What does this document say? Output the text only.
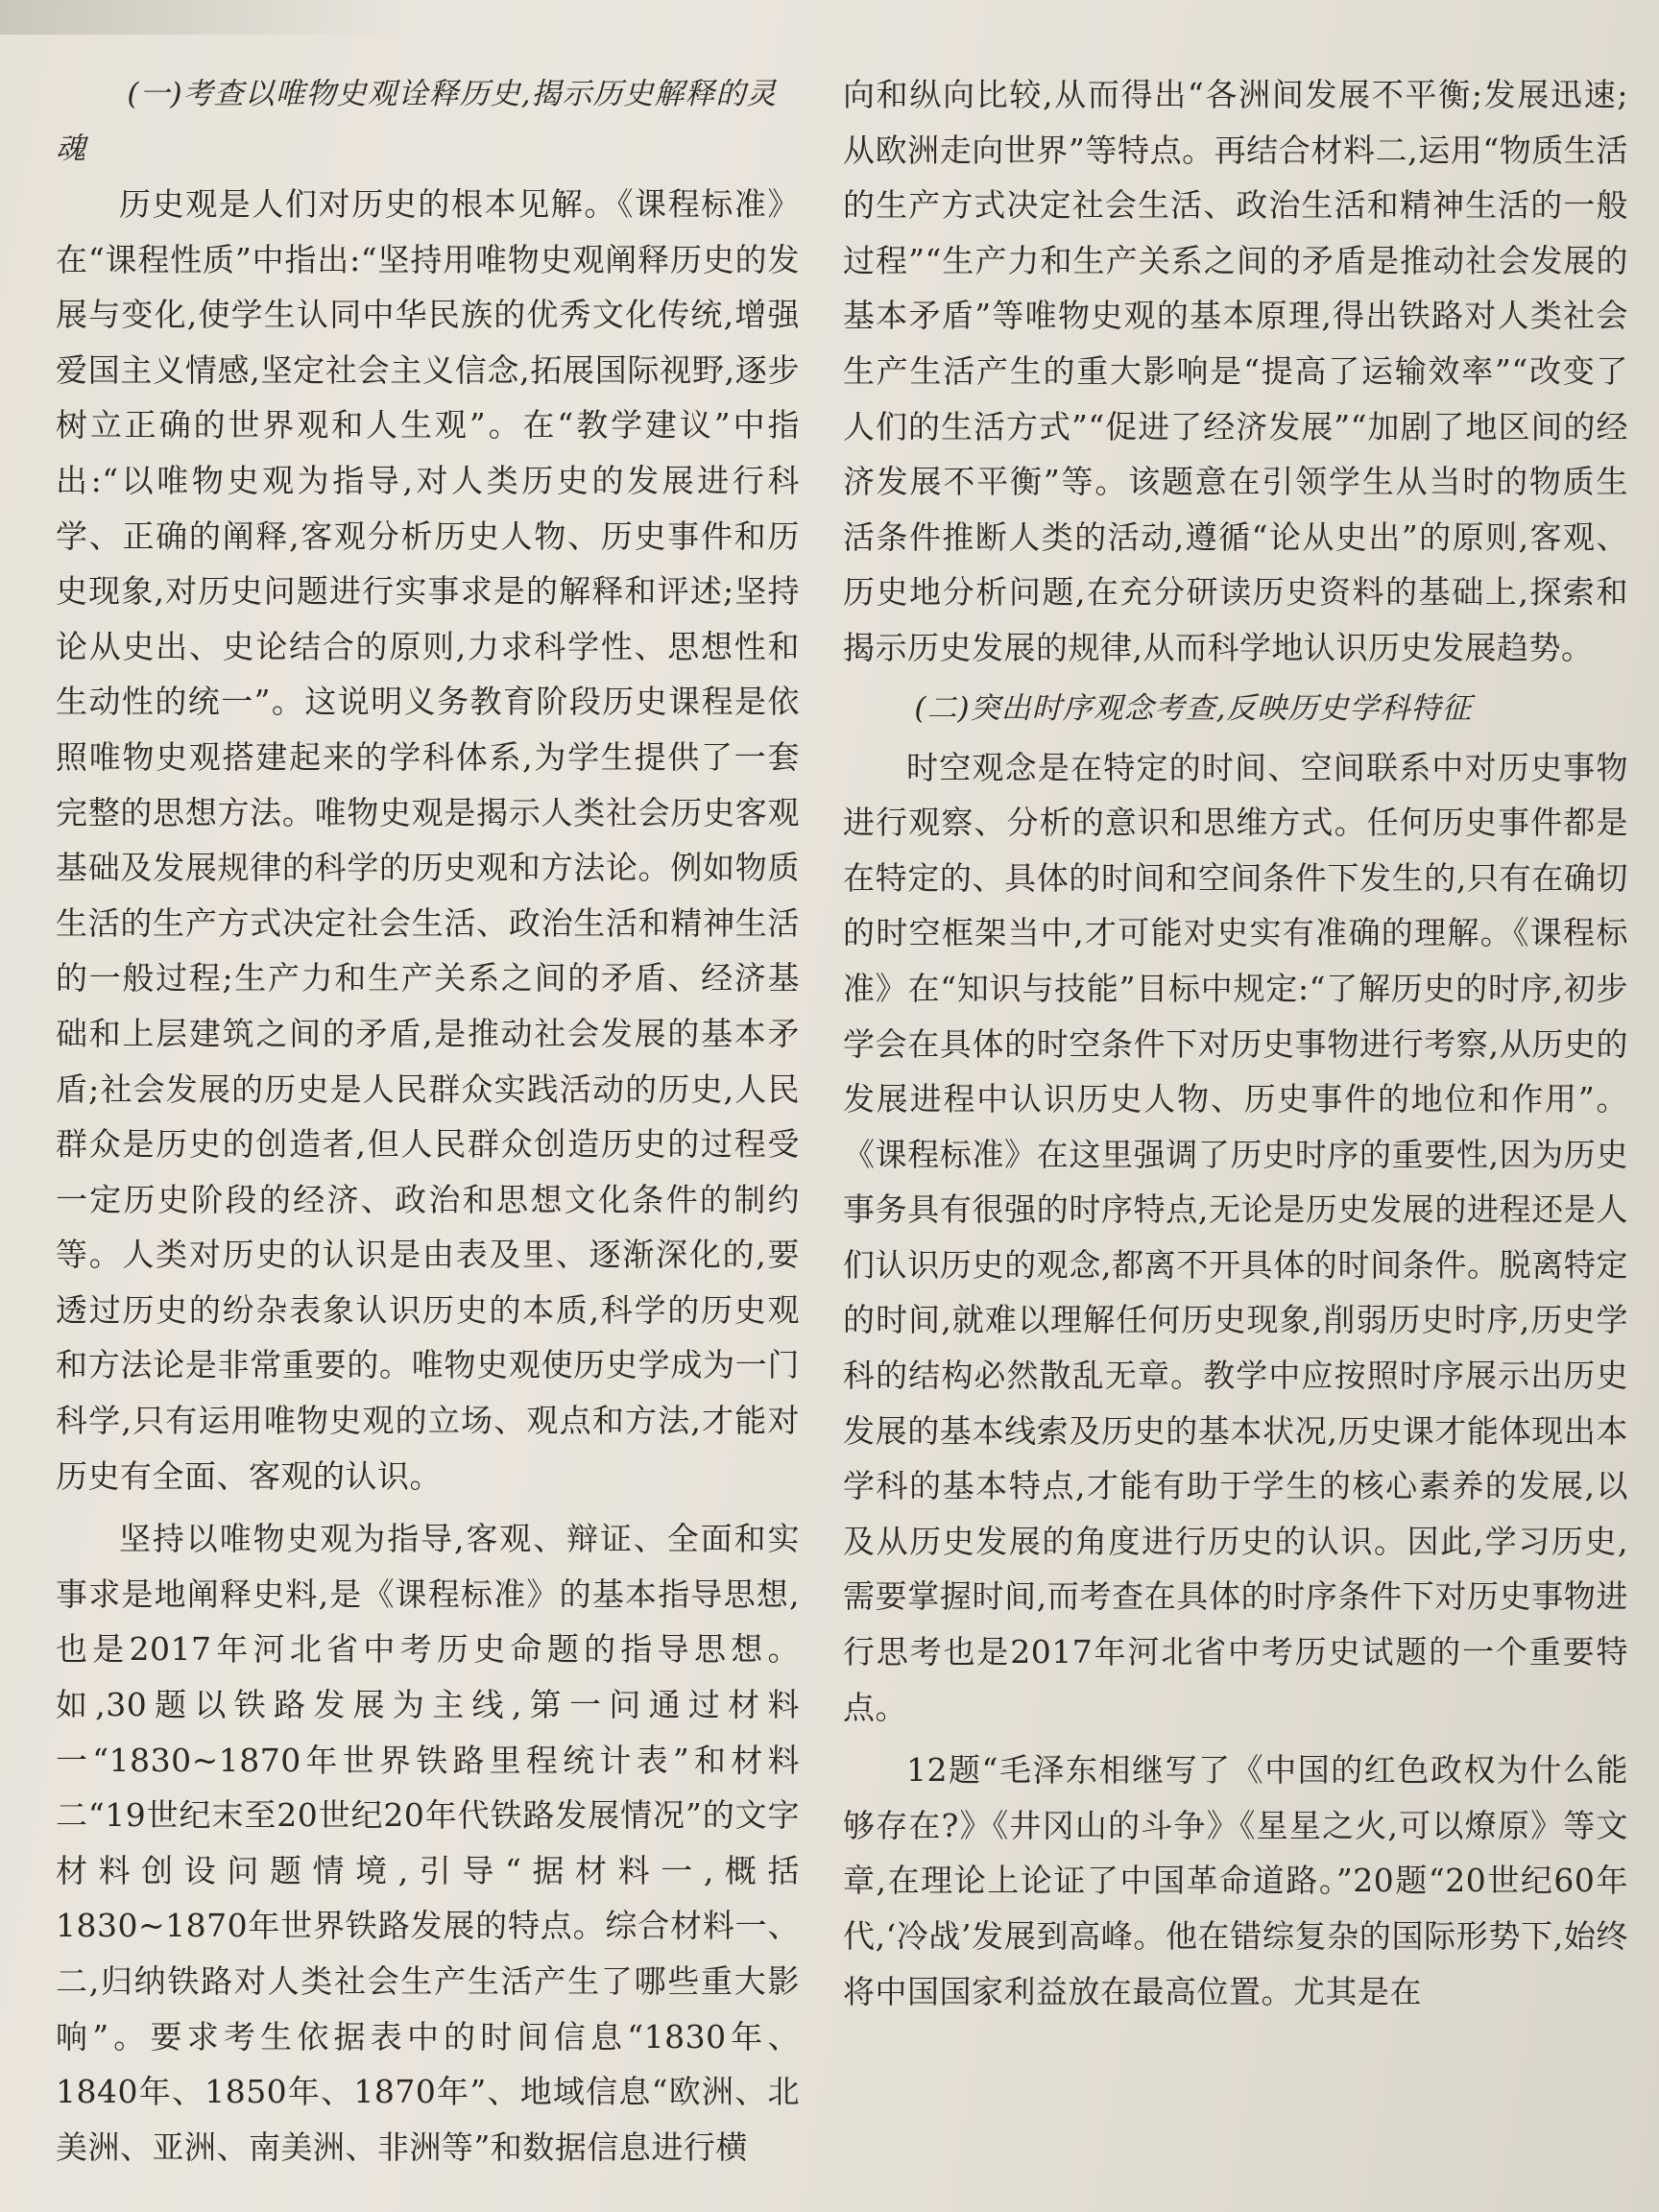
(一)考查以唯物史观诠释历史,揭示历史解释的灵魂

历史观是人们对历史的根本见解。《课程标准》在“课程性质”中指出:“坚持用唯物史观阐释历史的发展与变化,使学生认同中华民族的优秀文化传统,增强爱国主义情感,坚定社会主义信念,拓展国际视野,逐步树立正确的世界观和人生观”。在“教学建议”中指出:“以唯物史观为指导,对人类历史的发展进行科学、正确的阐释,客观分析历史人物、历史事件和历史现象,对历史问题进行实事求是的解释和评述;坚持论从史出、史论结合的原则,力求科学性、思想性和生动性的统一”。这说明义务教育阶段历史课程是依照唯物史观搭建起来的学科体系,为学生提供了一套完整的思想方法。唯物史观是揭示人类社会历史客观基础及发展规律的科学的历史观和方法论。例如物质生活的生产方式决定社会生活、政治生活和精神生活的一般过程;生产力和生产关系之间的矛盾、经济基础和上层建筑之间的矛盾,是推动社会发展的基本矛盾;社会发展的历史是人民群众实践活动的历史,人民群众是历史的创造者,但人民群众创造历史的过程受一定历史阶段的经济、政治和思想文化条件的制约等。人类对历史的认识是由表及里、逐渐深化的,要透过历史的纷杂表象认识历史的本质,科学的历史观和方法论是非常重要的。唯物史观使历史学成为一门科学,只有运用唯物史观的立场、观点和方法,才能对历史有全面、客观的认识。

坚持以唯物史观为指导,客观、辩证、全面和实事求是地阐释史料,是《课程标准》的基本指导思想,也是2017年河北省中考历史命题的指导思想。如,30题以铁路发展为主线,第一问通过材料一“1830~1870年世界铁路里程统计表”和材料二“19世纪末至20世纪20年代铁路发展情况”的文字材料创设问题情境,引导“据材料一,概括1830~1870年世界铁路发展的特点。综合材料一、二,归纳铁路对人类社会生产生活产生了哪些重大影响”。要求考生依据表中的时间信息“1830年、1840年、1850年、1870年”、地域信息“欧洲、北美洲、亚洲、南美洲、非洲等”和数据信息进行横

向和纵向比较,从而得出“各洲间发展不平衡;发展迅速;从欧洲走向世界”等特点。再结合材料二,运用“物质生活的生产方式决定社会生活、政治生活和精神生活的一般过程”“生产力和生产关系之间的矛盾是推动社会发展的基本矛盾”等唯物史观的基本原理,得出铁路对人类社会生产生活产生的重大影响是“提高了运输效率”“改变了人们的生活方式”“促进了经济发展”“加剧了地区间的经济发展不平衡”等。该题意在引领学生从当时的物质生活条件推断人类的活动,遵循“论从史出”的原则,客观、历史地分析问题,在充分研读历史资料的基础上,探索和揭示历史发展的规律,从而科学地认识历史发展趋势。

(二)突出时序观念考查,反映历史学科特征

时空观念是在特定的时间、空间联系中对历史事物进行观察、分析的意识和思维方式。任何历史事件都是在特定的、具体的时间和空间条件下发生的,只有在确切的时空框架当中,才可能对史实有准确的理解。《课程标准》在“知识与技能”目标中规定:“了解历史的时序,初步学会在具体的时空条件下对历史事物进行考察,从历史的发展进程中认识历史人物、历史事件的地位和作用”。《课程标准》在这里强调了历史时序的重要性,因为历史事务具有很强的时序特点,无论是历史发展的进程还是人们认识历史的观念,都离不开具体的时间条件。脱离特定的时间,就难以理解任何历史现象,削弱历史时序,历史学科的结构必然散乱无章。教学中应按照时序展示出历史发展的基本线索及历史的基本状况,历史课才能体现出本学科的基本特点,才能有助于学生的核心素养的发展,以及从历史发展的角度进行历史的认识。因此,学习历史,需要掌握时间,而考查在具体的时序条件下对历史事物进行思考也是2017年河北省中考历史试题的一个重要特点。

12题“毛泽东相继写了《中国的红色政权为什么能够存在?》《井冈山的斗争》《星星之火,可以燎原》等文章,在理论上论证了中国革命道路。”20题“20世纪60年代,‘冷战’发展到高峰。他在错综复杂的国际形势下,始终将中国国家利益放在最高位置。尤其是在
